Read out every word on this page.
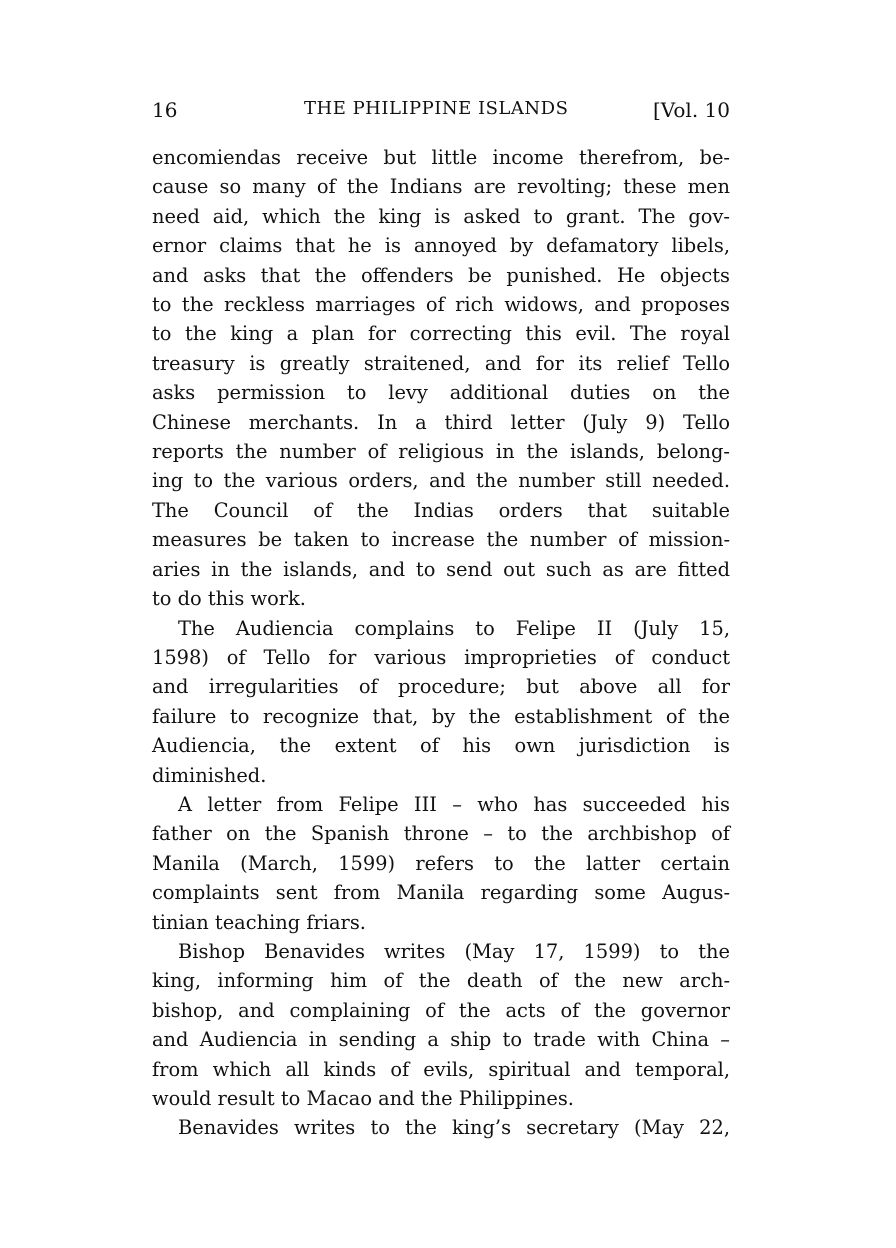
16	THE PHILIPPINE ISLANDS	[Vol. 10
encomiendas receive but little income therefrom, be-
cause so many of the Indians are revolting; these men
need aid, which the king is asked to grant. The gov-
ernor claims that he is annoyed by defamatory libels,
and asks that the offenders be punished. He objects
to the reckless marriages of rich widows, and proposes
to the king a plan for correcting this evil. The royal
treasury is greatly straitened, and for its relief Tello
asks permission to levy additional duties on the
Chinese merchants. In a third letter (July 9) Tello
reports the number of religious in the islands, belong-
ing to the various orders, and the number still needed.
The Council of the Indias orders that suitable
measures be taken to increase the number of mission-
aries in the islands, and to send out such as are fitted
to do this work.
The Audiencia complains to Felipe II (July 15,
1598) of Tello for various improprieties of conduct
and irregularities of procedure; but above all for
failure to recognize that, by the establishment of the
Audiencia, the extent of his own jurisdiction is
diminished.
A letter from Felipe III – who has succeeded his
father on the Spanish throne – to the archbishop of
Manila (March, 1599) refers to the latter certain
complaints sent from Manila regarding some Augus-
tinian teaching friars.
Bishop Benavides writes (May 17, 1599) to the
king, informing him of the death of the new arch-
bishop, and complaining of the acts of the governor
and Audiencia in sending a ship to trade with China –
from which all kinds of evils, spiritual and temporal,
would result to Macao and the Philippines.
Benavides writes to the king’s secretary (May 22,
